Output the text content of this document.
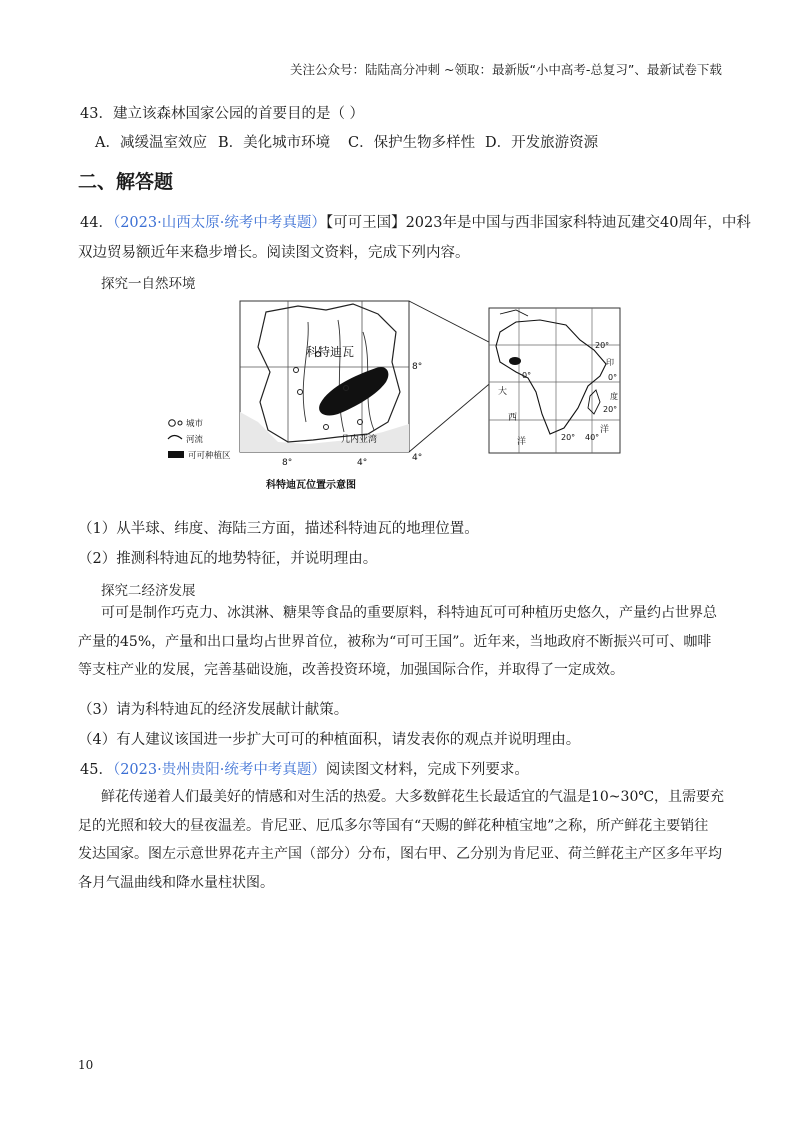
关注公众号：陆陆高分冲刺 ~领取：最新版“小中高考-总复习”、最新试卷下载
43．建立该森林国家公园的首要目的是（ ）
A．减缓温室效应 B．美化城市环境	C．保护生物多样性 D．开发旅游资源
二、解答题
44．（2023·山西太原·统考中考真题）【可可王国】2023年是中国与西非国家科特迪瓦建交40周年，中科
双边贸易额近年来稳步增长。阅读图文资料，完成下列内容。
探究一自然环境
科特迪瓦
几内亚湾
8°
4°
8°	4°
科特迪瓦位置示意图
城市
河流
可可种植区
20°
印
0°
0°
大	度
20°
西
洋
20° 40°
洋
（1）从半球、纬度、海陆三方面，描述科特迪瓦的地理位置。
（2）推测科特迪瓦的地势特征，并说明理由。
探究二经济发展
可可是制作巧克力、冰淇淋、糖果等食品的重要原料，科特迪瓦可可种植历史悠久，产量约占世界总
产量的45%，产量和出口量均占世界首位，被称为“可可王国”。近年来，当地政府不断振兴可可、咖啡
等支柱产业的发展，完善基础设施，改善投资环境，加强国际合作，并取得了一定成效。
（3）请为科特迪瓦的经济发展献计献策。
（4）有人建议该国进一步扩大可可的种植面积，请发表你的观点并说明理由。
45．（2023·贵州贵阳·统考中考真题）阅读图文材料，完成下列要求。
鲜花传递着人们最美好的情感和对生活的热爱。大多数鲜花生长最适宜的气温是10~30℃，且需要充
足的光照和较大的昼夜温差。肯尼亚、厄瓜多尔等国有“天赐的鲜花种植宝地”之称，所产鲜花主要销往
发达国家。图左示意世界花卉主产国（部分）分布，图右甲、乙分别为肯尼亚、荷兰鲜花主产区多年平均
各月气温曲线和降水量柱状图。
10
